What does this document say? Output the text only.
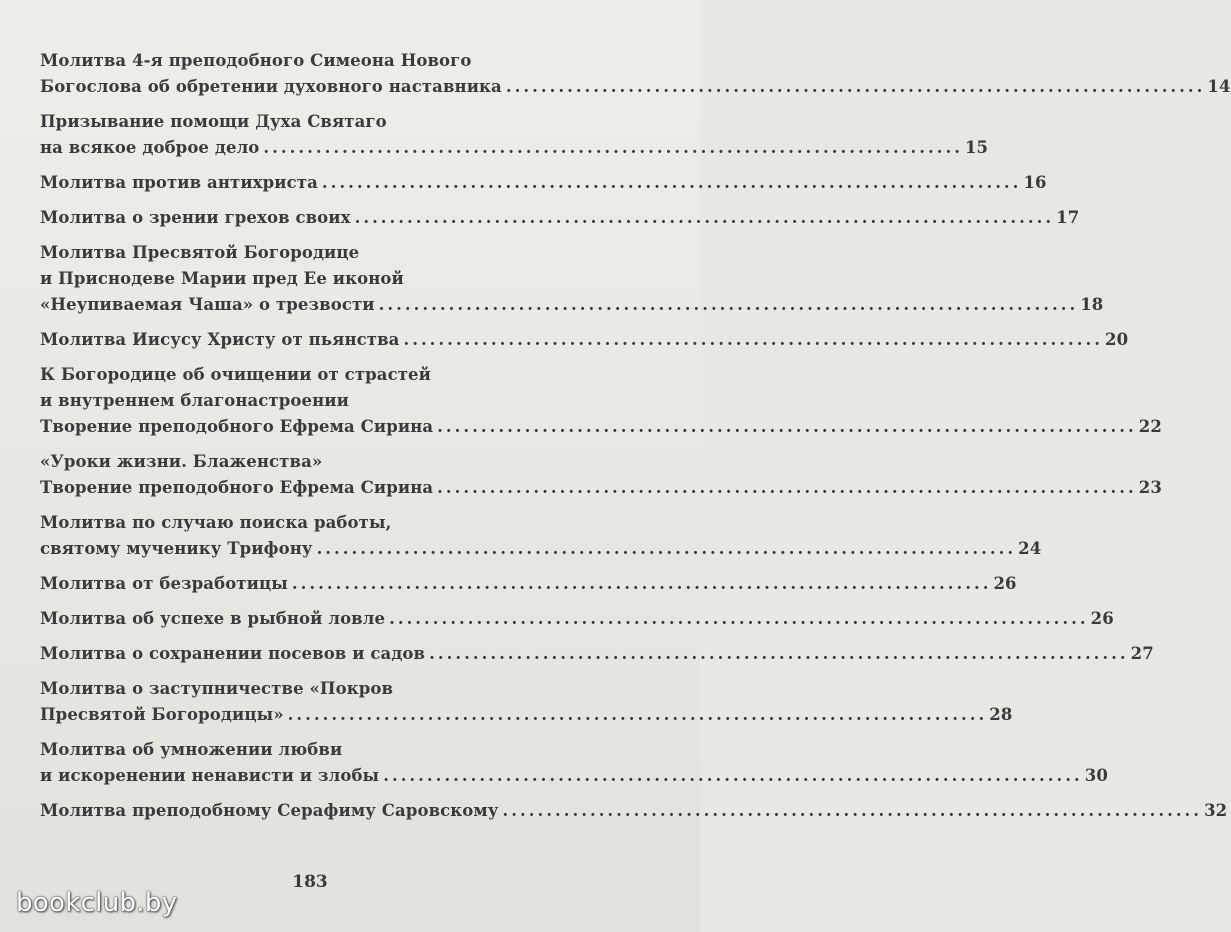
Молитва 4-я преподобного Симеона Нового
Богослова об обретении духовного наставника ................................................................................ 14
Призывание помощи Духа Святаго
на всякое доброе дело ................................................................................ 15
Молитва против антихриста ................................................................................ 16
Молитва о зрении грехов своих ................................................................................ 17
Молитва Пресвятой Богородице
и Приснодеве Марии пред Ее иконой
«Неупиваемая Чаша» о трезвости ................................................................................ 18
Молитва Иисусу Христу от пьянства ................................................................................ 20
К Богородице об очищении от страстей
и внутреннем благонастроении
Творение преподобного Ефрема Сирина ................................................................................ 22
«Уроки жизни. Блаженства»
Творение преподобного Ефрема Сирина ................................................................................ 23
Молитва по случаю поиска работы,
святому мученику Трифону ................................................................................ 24
Молитва от безработицы ................................................................................ 26
Молитва об успехе в рыбной ловле ................................................................................ 26
Молитва о сохранении посевов и садов ................................................................................ 27
Молитва о заступничестве «Покров
Пресвятой Богородицы» ................................................................................ 28
Молитва об умножении любви
и искоренении ненависти и злобы ................................................................................ 30
Молитва преподобному Серафиму Саровскому ................................................................................ 32
183
bookclub.by
